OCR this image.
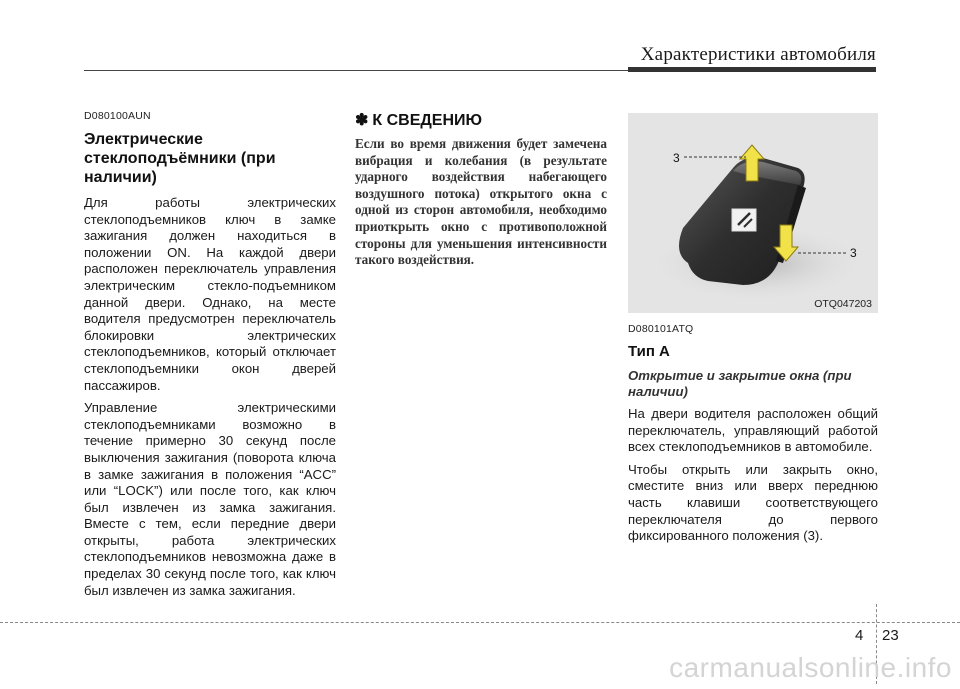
Характеристики автомобиля
D080100AUN
Электрические стеклоподъёмники (при наличии)

Для работы электрических стеклоподъемников ключ в замке зажигания должен находиться в положении ON. На каждой двери расположен переключатель управления электрическим стекло-подъемником данной двери. Однако, на месте водителя предусмотрен переключатель блокировки электрических стеклоподъемников, который отключает стеклоподъемники окон дверей пассажиров.

Управление электрическими стеклоподъемниками возможно в течение примерно 30 секунд после выключения зажигания (поворота ключа в замке зажигания в положения “ACC” или “LOCK”) или после того, как ключ был извлечен из замка зажигания. Вместе с тем, если передние двери открыты, работа электрических стеклоподъемников невозможна даже в пределах 30 секунд после того, как ключ был извлечен из замка зажигания.

✽ К СВЕДЕНИЮ

Если во время движения будет замечена вибрация и колебания (в результате ударного воздействия набегающего воздушного потока) открытого окна с одной из сторон автомобиля, необходимо приоткрыть окно с противоположной стороны для уменьшения интенсивности такого воздействия.

3
3
OTQ047203
D080101ATQ
Тип А
Открытие и закрытие окна (при наличии)

На двери водителя расположен общий переключатель, управляющий работой всех стеклоподъемников в автомобиле.

Чтобы открыть или закрыть окно, сместите вниз или вверх переднюю часть клавиши соответствующего переключателя до первого фиксированного положения (3).

4 23
carmanualsonline.info
